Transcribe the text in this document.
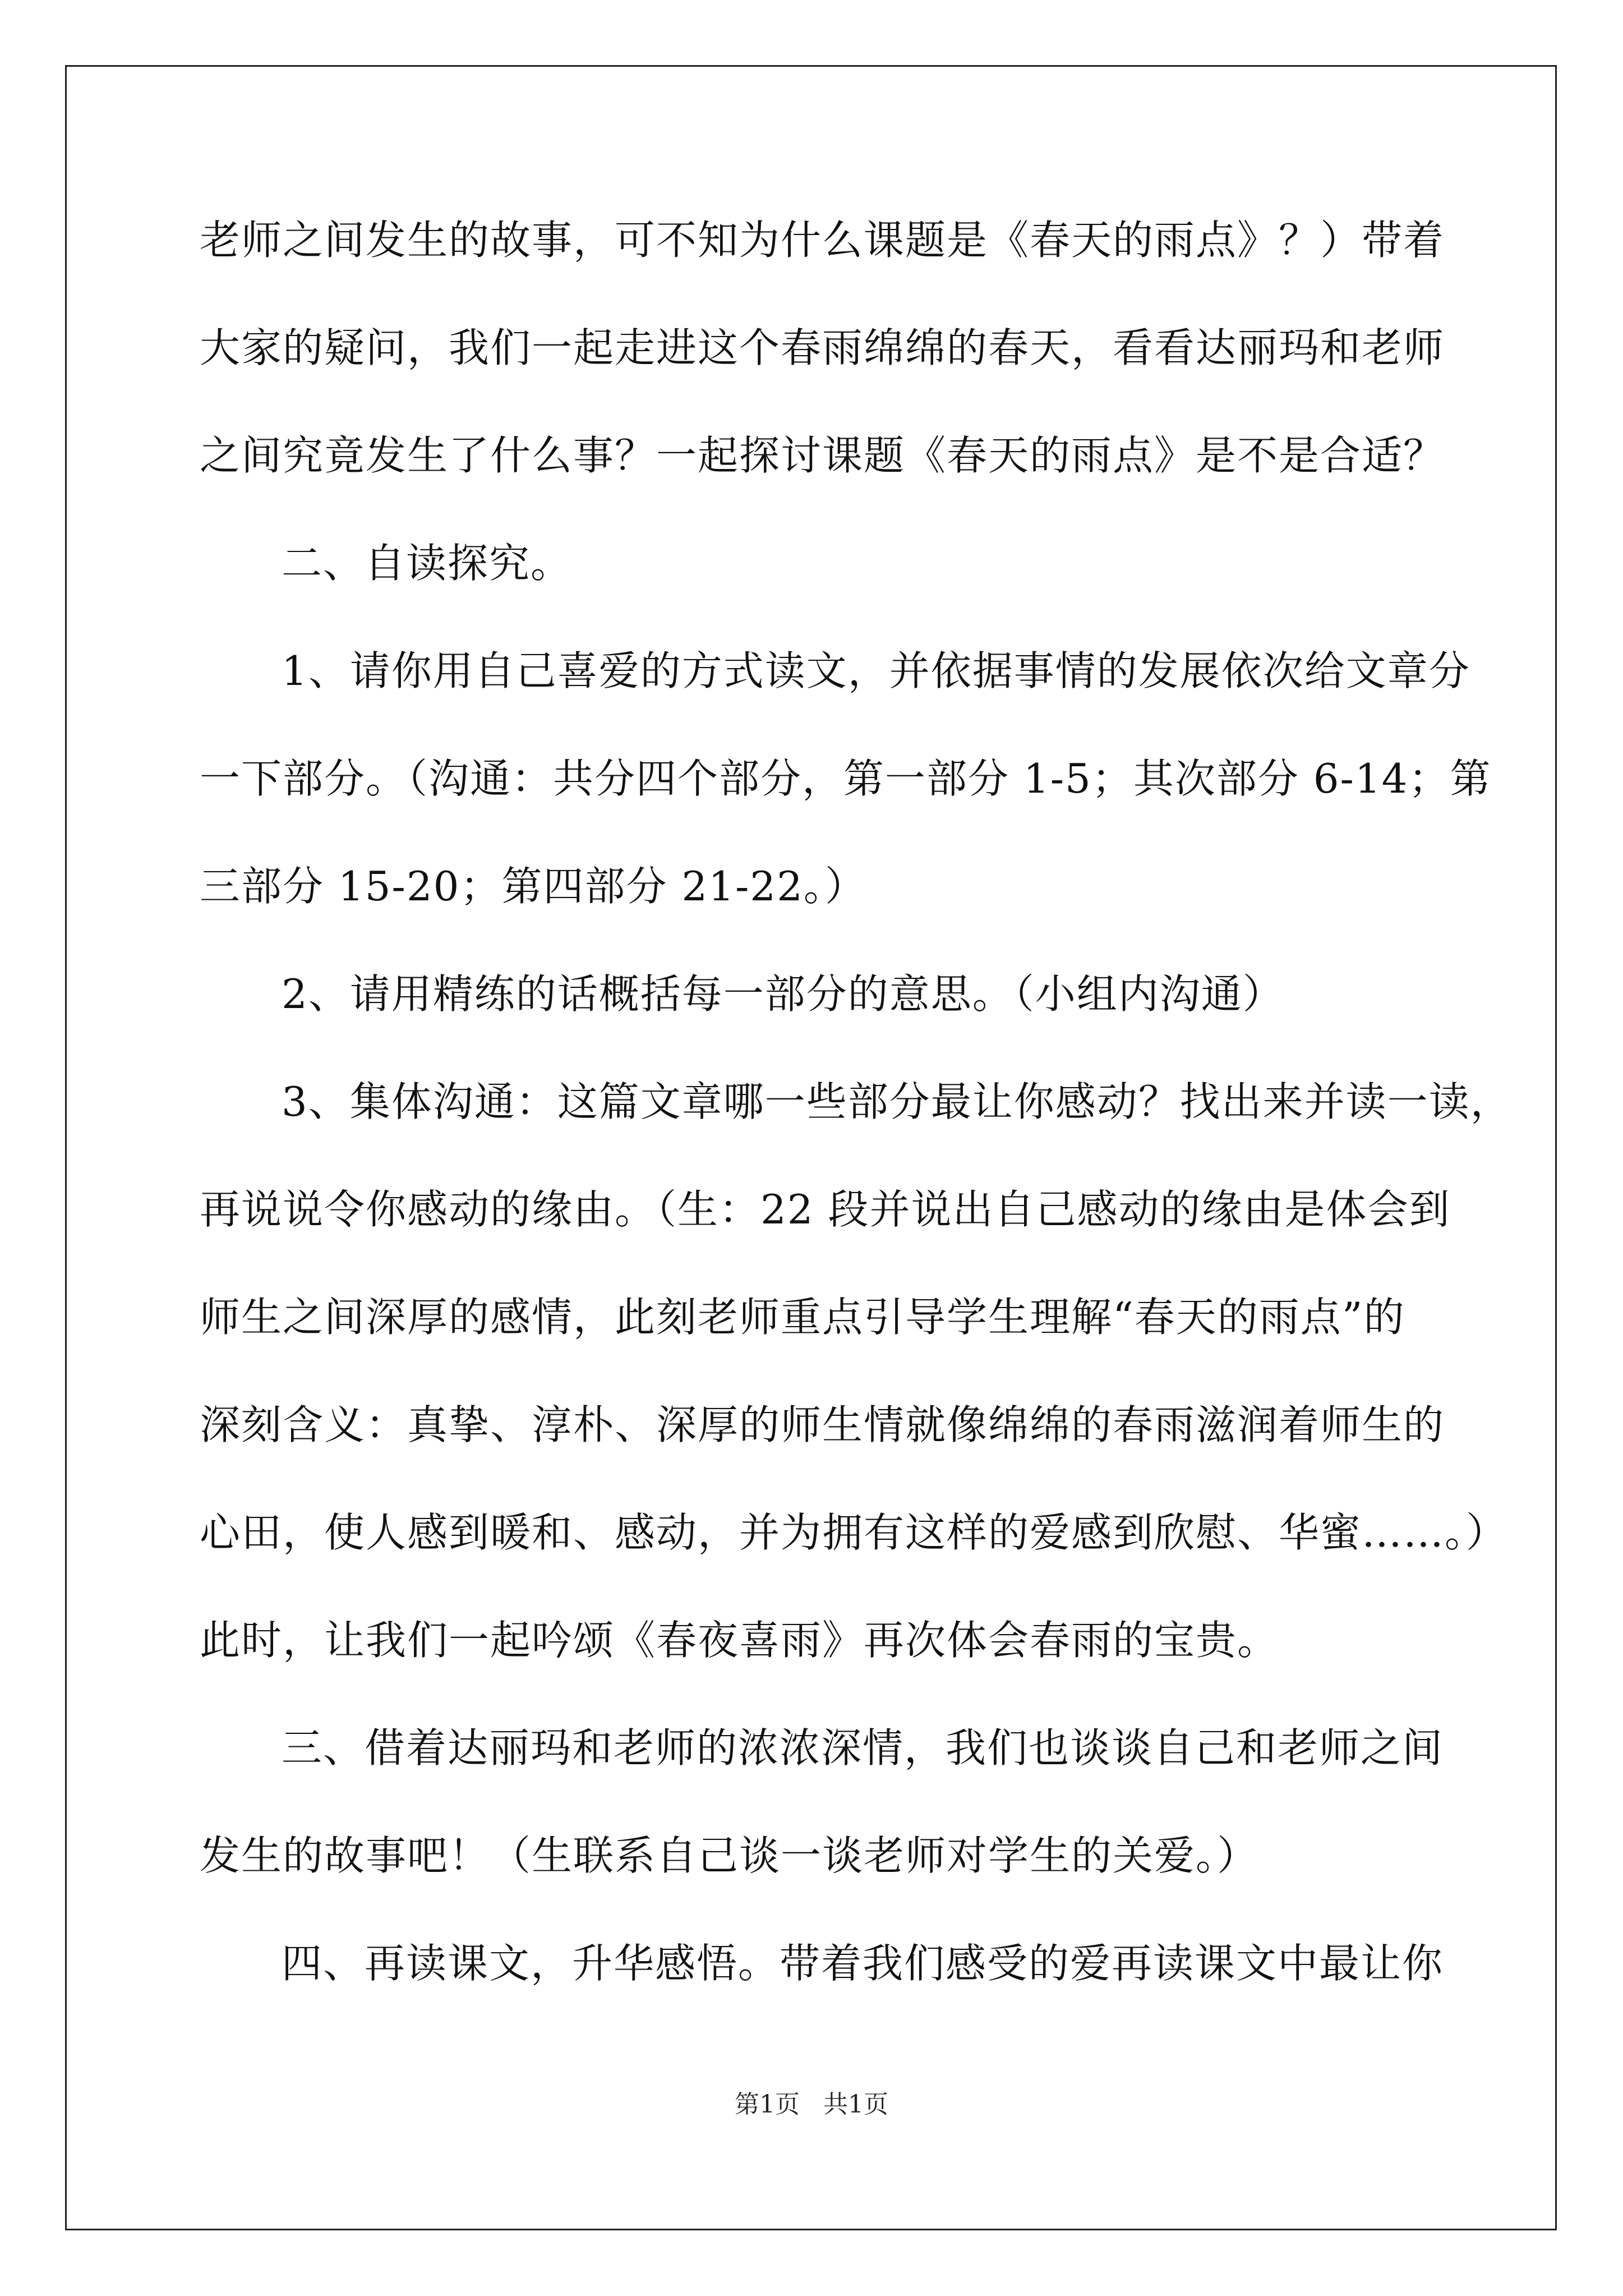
老师之间发生的故事，可不知为什么课题是《春天的雨点》？）带着
大家的疑问，我们一起走进这个春雨绵绵的春天，看看达丽玛和老师
之间究竟发生了什么事？一起探讨课题《春天的雨点》是不是合适？
二、自读探究。
1、请你用自己喜爱的方式读文，并依据事情的发展依次给文章分
一下部分。（沟通：共分四个部分，第一部分 1-5；其次部分 6-14；第
三部分 15-20；第四部分 21-22。）
2、请用精练的话概括每一部分的意思。（小组内沟通）
3、集体沟通：这篇文章哪一些部分最让你感动？找出来并读一读，
再说说令你感动的缘由。（生：22 段并说出自己感动的缘由是体会到
师生之间深厚的感情，此刻老师重点引导学生理解“春天的雨点”的
深刻含义：真挚、淳朴、深厚的师生情就像绵绵的春雨滋润着师生的
心田，使人感到暖和、感动，并为拥有这样的爱感到欣慰、华蜜……。）
此时，让我们一起吟颂《春夜喜雨》再次体会春雨的宝贵。
三、借着达丽玛和老师的浓浓深情，我们也谈谈自己和老师之间
发生的故事吧！（生联系自己谈一谈老师对学生的关爱。）
四、再读课文，升华感悟。带着我们感受的爱再读课文中最让你
第1页 共1页
